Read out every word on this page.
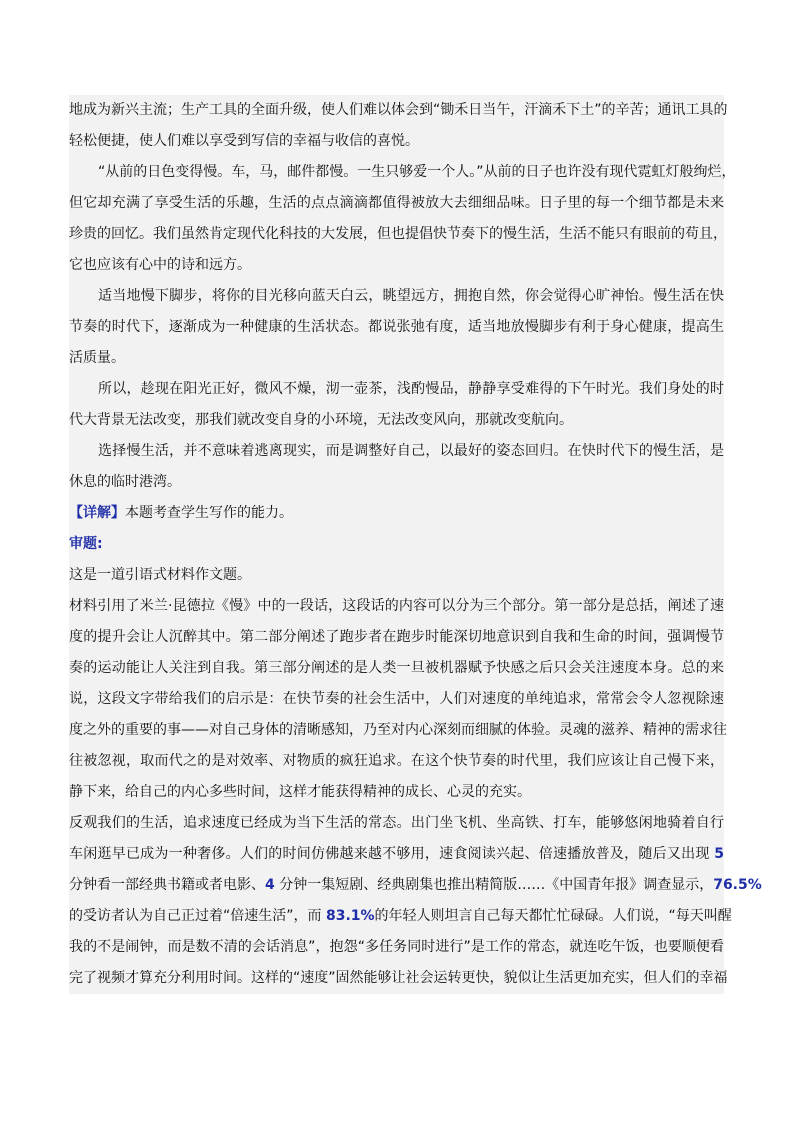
地成为新兴主流；生产工具的全面升级，使人们难以体会到“锄禾日当午，汗滴禾下土”的辛苦；通讯工具的
轻松便捷，使人们难以享受到写信的幸福与收信的喜悦。
“从前的日色变得慢。车，马，邮件都慢。一生只够爱一个人。”从前的日子也许没有现代霓虹灯般绚烂，
但它却充满了享受生活的乐趣，生活的点点滴滴都值得被放大去细细品味。日子里的每一个细节都是未来
珍贵的回忆。我们虽然肯定现代化科技的大发展，但也提倡快节奏下的慢生活，生活不能只有眼前的苟且，
它也应该有心中的诗和远方。
适当地慢下脚步，将你的目光移向蓝天白云，眺望远方，拥抱自然，你会觉得心旷神怡。慢生活在快
节奏的时代下，逐渐成为一种健康的生活状态。都说张弛有度，适当地放慢脚步有利于身心健康，提高生
活质量。
所以，趁现在阳光正好，微风不燥，沏一壶茶，浅酌慢品，静静享受难得的下午时光。我们身处的时
代大背景无法改变，那我们就改变自身的小环境，无法改变风向，那就改变航向。
选择慢生活，并不意味着逃离现实，而是调整好自己，以最好的姿态回归。在快时代下的慢生活，是
休息的临时港湾。
【详解】本题考查学生写作的能力。
审题:
这是一道引语式材料作文题。
材料引用了米兰·昆德拉《慢》中的一段话，这段话的内容可以分为三个部分。第一部分是总括，阐述了速
度的提升会让人沉醉其中。第二部分阐述了跑步者在跑步时能深切地意识到自我和生命的时间，强调慢节
奏的运动能让人关注到自我。第三部分阐述的是人类一旦被机器赋予快感之后只会关注速度本身。总的来
说，这段文字带给我们的启示是：在快节奏的社会生活中，人们对速度的单纯追求，常常会令人忽视除速
度之外的重要的事——对自己身体的清晰感知，乃至对内心深刻而细腻的体验。灵魂的滋养、精神的需求往
往被忽视，取而代之的是对效率、对物质的疯狂追求。在这个快节奏的时代里，我们应该让自己慢下来，
静下来，给自己的内心多些时间，这样才能获得精神的成长、心灵的充实。
反观我们的生活，追求速度已经成为当下生活的常态。出门坐飞机、坐高铁、打车，能够悠闲地骑着自行
车闲逛早已成为一种奢侈。人们的时间仿佛越来越不够用，速食阅读兴起、倍速播放普及，随后又出现 5
分钟看一部经典书籍或者电影、4 分钟一集短剧、经典剧集也推出精简版……《中国青年报》调查显示，76.5%
的受访者认为自己正过着“倍速生活”，而 83.1%的年轻人则坦言自己每天都忙忙碌碌。人们说，“每天叫醒
我的不是闹钟，而是数不清的会话消息”，抱怨“多任务同时进行”是工作的常态，就连吃午饭，也要顺便看
完了视频才算充分利用时间。这样的“速度”固然能够让社会运转更快，貌似让生活更加充实，但人们的幸福
